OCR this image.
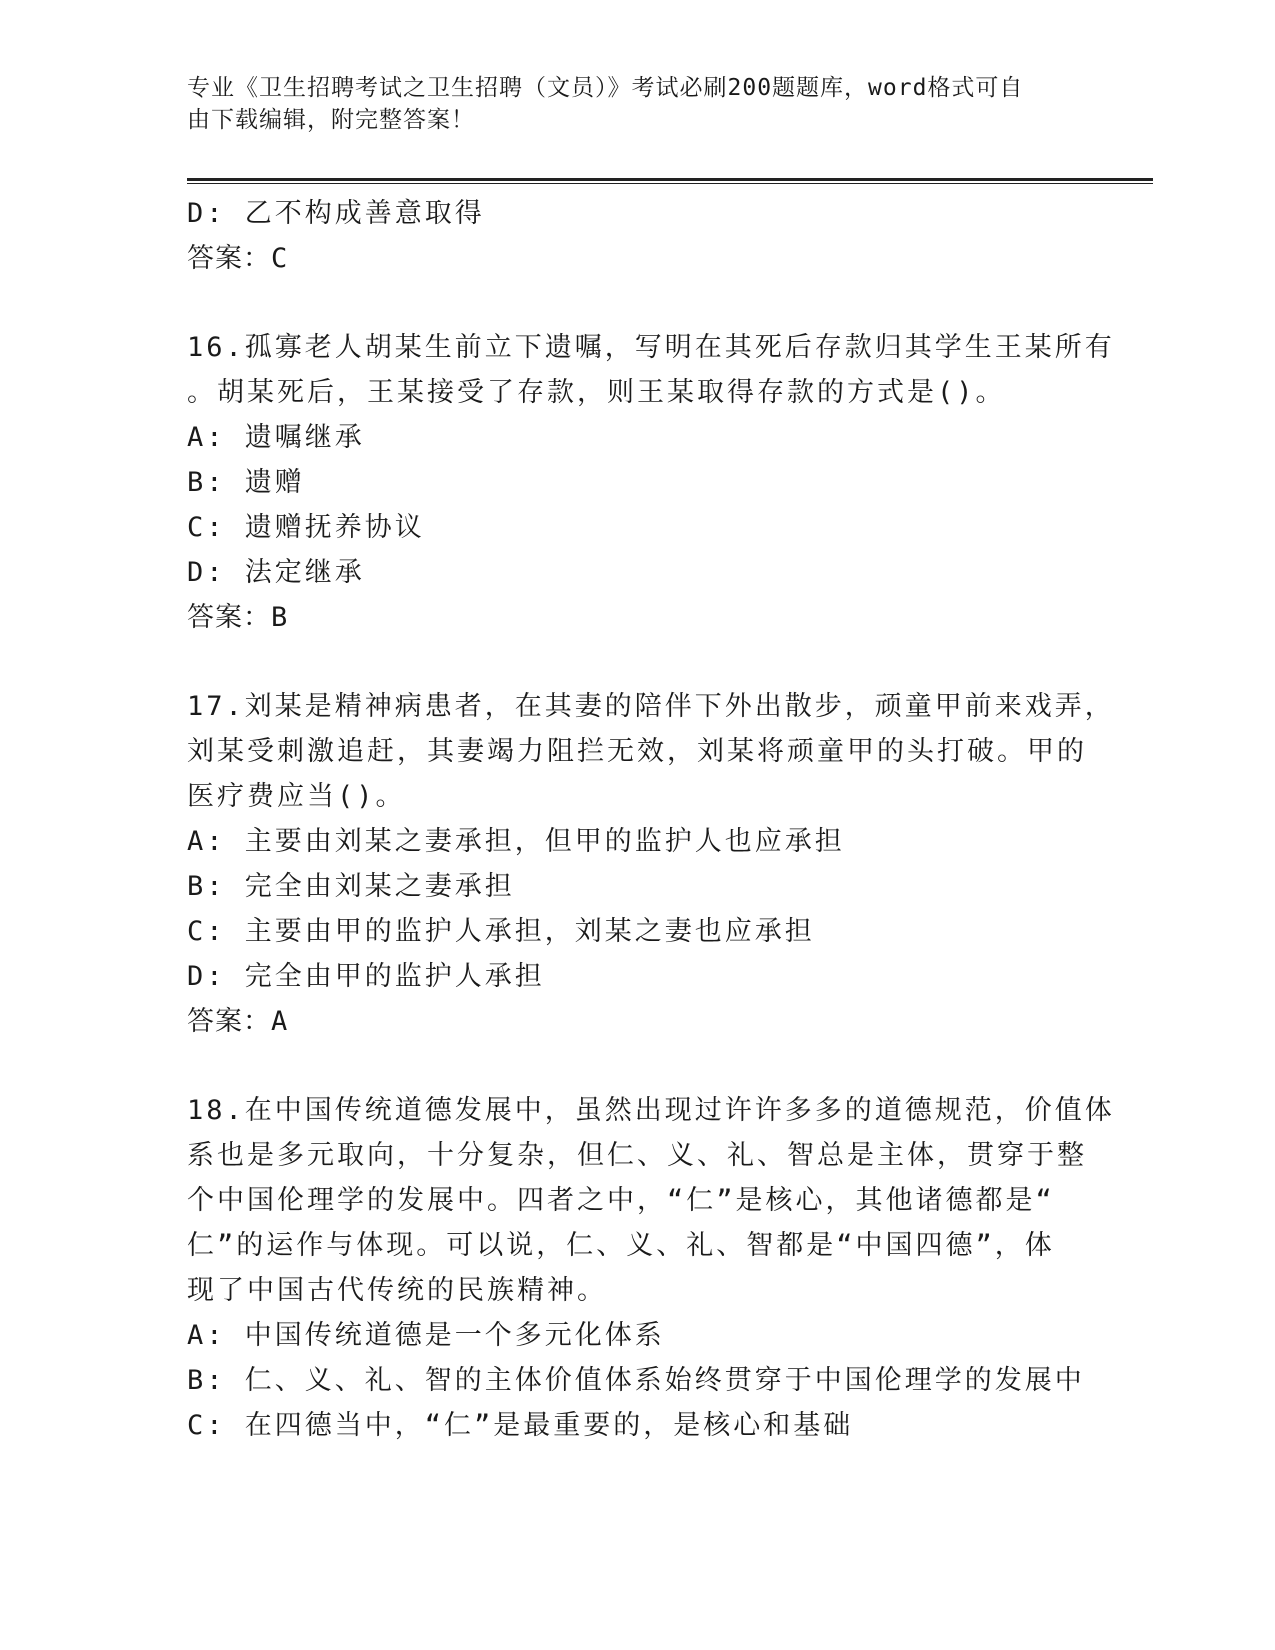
专业《卫生招聘考试之卫生招聘（文员）》考试必刷200题题库，word格式可自
由下载编辑，附完整答案！
D: 乙不构成善意取得
答案：C
16.孤寡老人胡某生前立下遗嘱，写明在其死后存款归其学生王某所有
。胡某死后，王某接受了存款，则王某取得存款的方式是()。
A: 遗嘱继承
B: 遗赠
C: 遗赠抚养协议
D: 法定继承
答案：B
17.刘某是精神病患者，在其妻的陪伴下外出散步，顽童甲前来戏弄，
刘某受刺激追赶，其妻竭力阻拦无效，刘某将顽童甲的头打破。甲的
医疗费应当()。
A: 主要由刘某之妻承担，但甲的监护人也应承担
B: 完全由刘某之妻承担
C: 主要由甲的监护人承担，刘某之妻也应承担
D: 完全由甲的监护人承担
答案：A
18.在中国传统道德发展中，虽然出现过许许多多的道德规范，价值体
系也是多元取向，十分复杂，但仁、义、礼、智总是主体，贯穿于整
个中国伦理学的发展中。四者之中，“仁”是核心，其他诸德都是“
仁”的运作与体现。可以说，仁、义、礼、智都是“中国四德”，体
现了中国古代传统的民族精神。
A: 中国传统道德是一个多元化体系
B: 仁、义、礼、智的主体价值体系始终贯穿于中国伦理学的发展中
C: 在四德当中，“仁”是最重要的，是核心和基础
